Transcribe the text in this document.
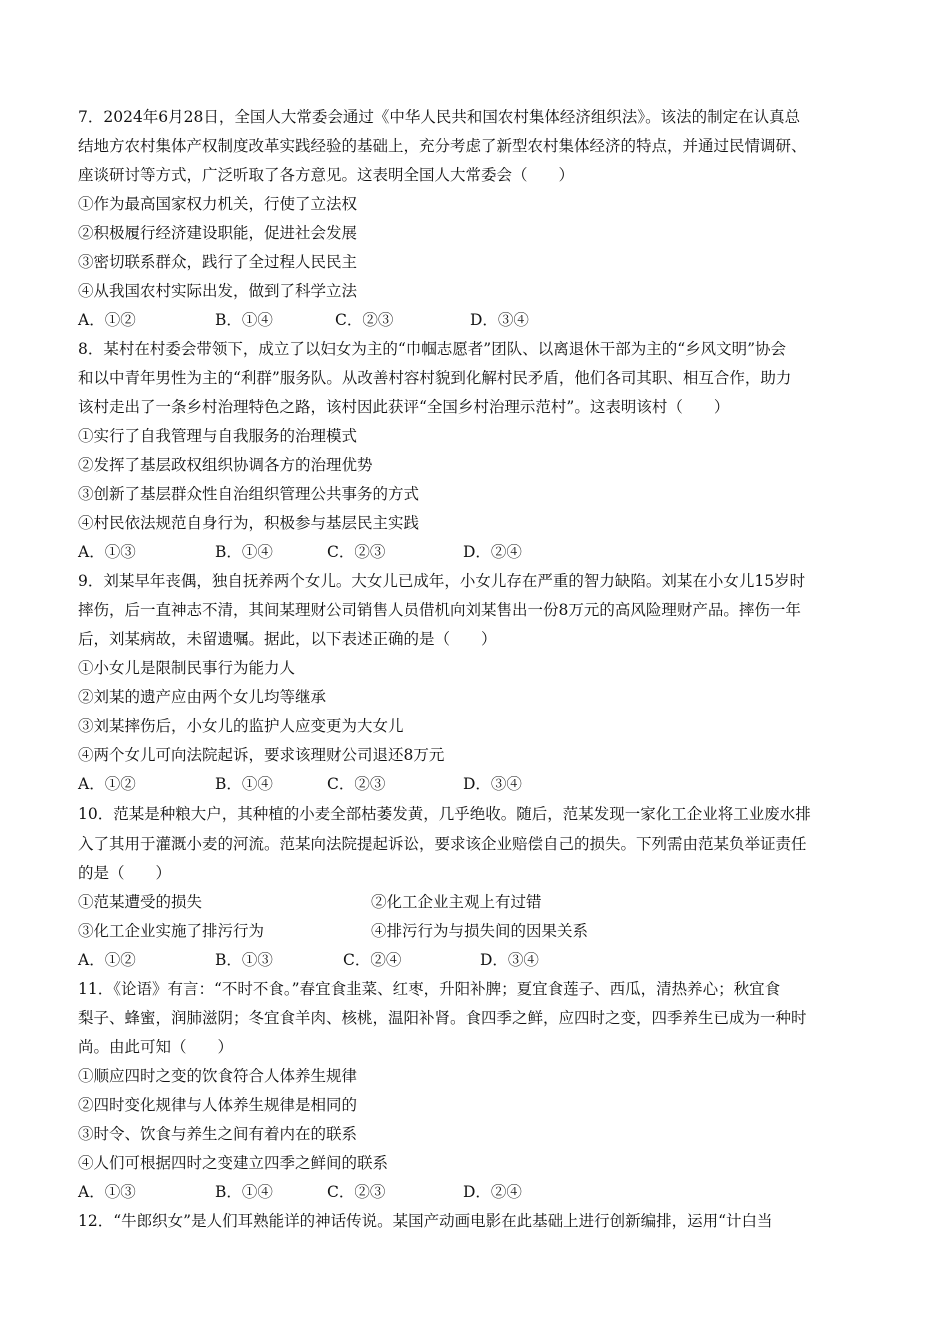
7．2024年6月28日，全国人大常委会通过《中华人民共和国农村集体经济组织法》。该法的制定在认真总
结地方农村集体产权制度改革实践经验的基础上，充分考虑了新型农村集体经济的特点，并通过民情调研、
座谈研讨等方式，广泛听取了各方意见。这表明全国人大常委会（　　）
①作为最高国家权力机关，行使了立法权
②积极履行经济建设职能，促进社会发展
③密切联系群众，践行了全过程人民民主
④从我国农村实际出发，做到了科学立法
A．①②	B．①④	C．②③	D．③④
8．某村在村委会带领下，成立了以妇女为主的“巾帼志愿者”团队、以离退休干部为主的“乡风文明”协会
和以中青年男性为主的“利群”服务队。从改善村容村貌到化解村民矛盾，他们各司其职、相互合作，助力
该村走出了一条乡村治理特色之路，该村因此获评“全国乡村治理示范村”。这表明该村（　　）
①实行了自我管理与自我服务的治理模式
②发挥了基层政权组织协调各方的治理优势
③创新了基层群众性自治组织管理公共事务的方式
④村民依法规范自身行为，积极参与基层民主实践
A．①③	B．①④	C．②③	D．②④
9．刘某早年丧偶，独自抚养两个女儿。大女儿已成年，小女儿存在严重的智力缺陷。刘某在小女儿15岁时
摔伤，后一直神志不清，其间某理财公司销售人员借机向刘某售出一份8万元的高风险理财产品。摔伤一年
后，刘某病故，未留遗嘱。据此，以下表述正确的是（　　）
①小女儿是限制民事行为能力人
②刘某的遗产应由两个女儿均等继承
③刘某摔伤后，小女儿的监护人应变更为大女儿
④两个女儿可向法院起诉，要求该理财公司退还8万元
A．①②	B．①④	C．②③	D．③④
10．范某是种粮大户，其种植的小麦全部枯萎发黄，几乎绝收。随后，范某发现一家化工企业将工业废水排
入了其用于灌溉小麦的河流。范某向法院提起诉讼，要求该企业赔偿自己的损失。下列需由范某负举证责任
的是（　　）
①范某遭受的损失	②化工企业主观上有过错
③化工企业实施了排污行为	④排污行为与损失间的因果关系
A．①②	B．①③	C．②④	D．③④
11．《论语》有言：“不时不食。”春宜食韭菜、红枣，升阳补脾；夏宜食莲子、西瓜，清热养心；秋宜食
梨子、蜂蜜，润肺滋阴；冬宜食羊肉、核桃，温阳补肾。食四季之鲜，应四时之变，四季养生已成为一种时
尚。由此可知（　　）
①顺应四时之变的饮食符合人体养生规律
②四时变化规律与人体养生规律是相同的
③时令、饮食与养生之间有着内在的联系
④人们可根据四时之变建立四季之鲜间的联系
A．①③	B．①④	C．②③	D．②④
12．“牛郎织女”是人们耳熟能详的神话传说。某国产动画电影在此基础上进行创新编排，运用“计白当
